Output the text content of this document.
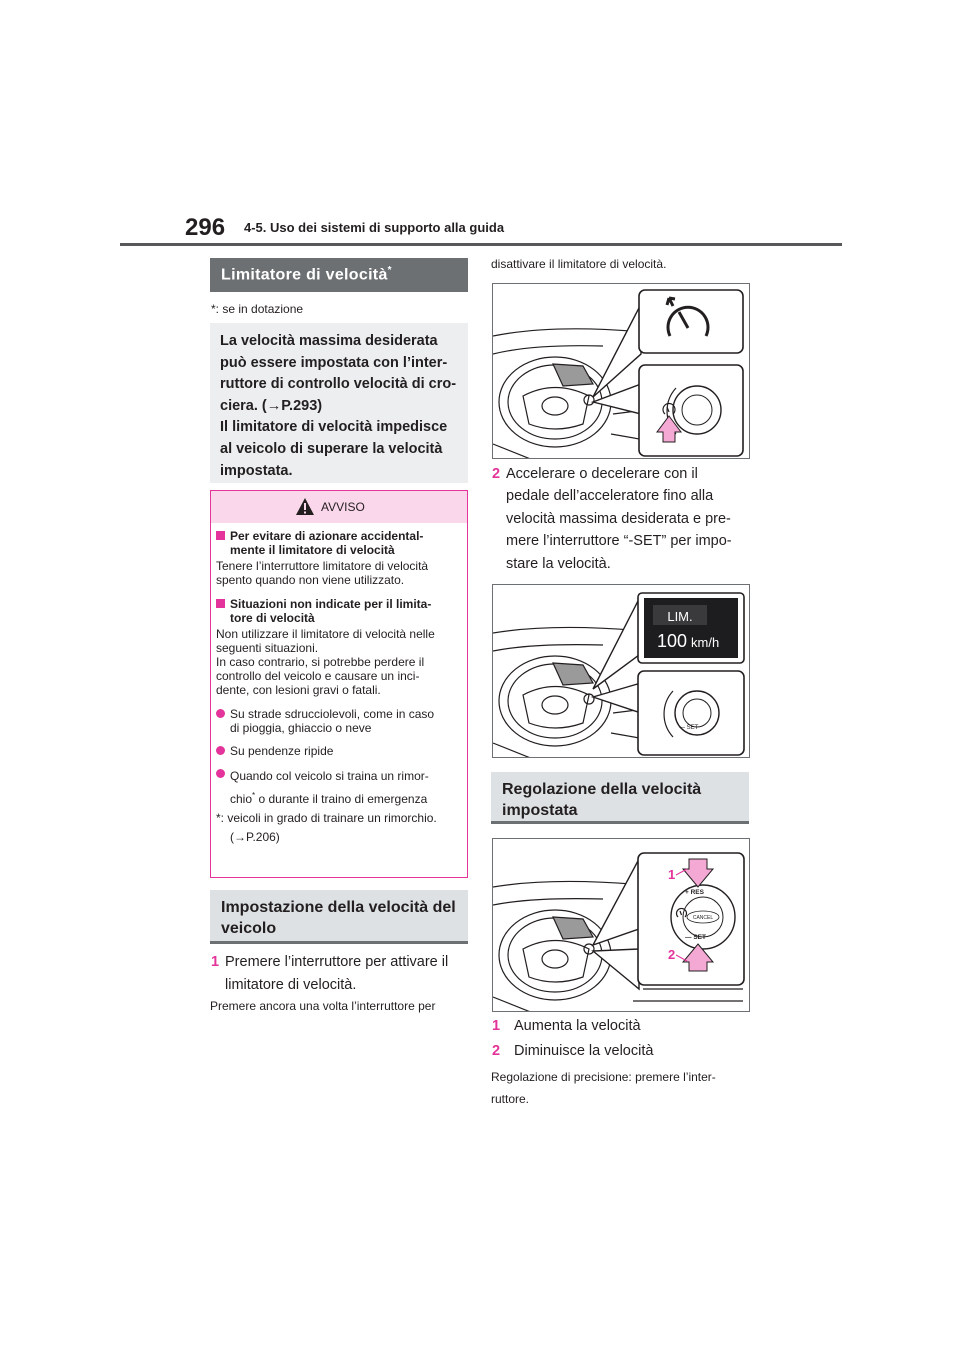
296 4-5. Uso dei sistemi di supporto alla guida
Limitatore di velocità*
*: se in dotazione

La velocità massima desiderata

può essere impostata con l’inter-

ruttore di controllo velocità di cro-

ciera. (→P.293)

Il limitatore di velocità impedisce

al veicolo di superare la velocità

impostata.

AVVISO
Per evitare di azionare accidental-
mente il limitatore di velocità
Tenere l’interruttore limitatore di velocità
spento quando non viene utilizzato.
Situazioni non indicate per il limita-
tore di velocità
Non utilizzare il limitatore di velocità nelle
seguenti situazioni.
In caso contrario, si potrebbe perdere il
controllo del veicolo e causare un inci-
dente, con lesioni gravi o fatali.
Su strade sdrucciolevoli, come in caso
di pioggia, ghiaccio o neve
Su pendenze ripide
Quando col veicolo si traina un rimor-
chio* o durante il traino di emergenza
*: veicoli in grado di trainare un rimorchio.
(→P.206)
Impostazione della velocità del
veicolo
1 Premere l’interruttore per attivare il
limitatore di velocità.
Premere ancora una volta l’interruttore per
disattivare il limitatore di velocità.
2 Accelerare o decelerare con il
pedale dell’acceleratore fino alla
velocità massima desiderata e pre-
mere l’interruttore “-SET” per impo-
stare la velocità.
LIM.
100 km/h
— SET
Regolazione della velocità
impostata
+ RES
CANCEL
— SET
1
2
1 Aumenta la velocità
2 Diminuisce la velocità
Regolazione di precisione: premere l’inter-
ruttore.
